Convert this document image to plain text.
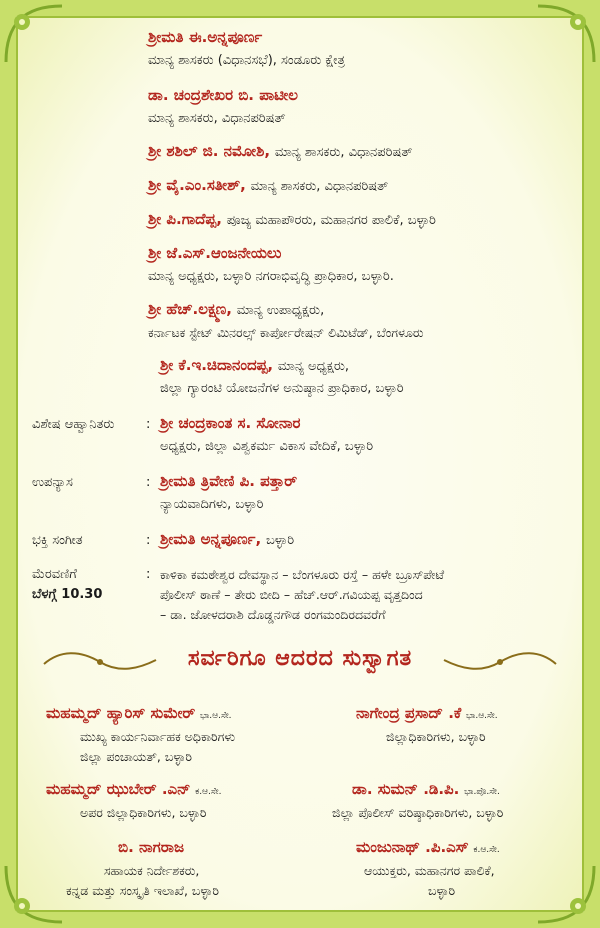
ಶ್ರೀಮತಿ ಈ.ಅನ್ನಪೂರ್ಣ
ಮಾನ್ಯ ಶಾಸಕರು (ವಿಧಾನಸಭೆ), ಸಂಡೂರು ಕ್ಷೇತ್ರ
ಡಾ. ಚಂದ್ರಶೇಖರ ಬಿ. ಪಾಟೀಲ
ಮಾನ್ಯ ಶಾಸಕರು, ವಿಧಾನಪರಿಷತ್
ಶ್ರೀ ಶಶಿಲ್ ಜಿ. ನಮೋಶಿ, ಮಾನ್ಯ ಶಾಸಕರು, ವಿಧಾನಪರಿಷತ್
ಶ್ರೀ ವೈ.ಎಂ.ಸತೀಶ್, ಮಾನ್ಯ ಶಾಸಕರು, ವಿಧಾನಪರಿಷತ್
ಶ್ರೀ ಪಿ.ಗಾದೆಪ್ಪ, ಪೂಜ್ಯ ಮಹಾಪೌರರು, ಮಹಾನಗರ ಪಾಲಿಕೆ, ಬಳ್ಳಾರಿ
ಶ್ರೀ ಜೆ.ಎಸ್.ಆಂಜನೇಯಲು
ಮಾನ್ಯ ಅಧ್ಯಕ್ಷರು, ಬಳ್ಳಾರಿ ನಗರಾಭಿವೃದ್ಧಿ ಪ್ರಾಧಿಕಾರ, ಬಳ್ಳಾರಿ.
ಶ್ರೀ ಹೆಚ್.ಲಕ್ಷ್ಮಣ, ಮಾನ್ಯ ಉಪಾಧ್ಯಕ್ಷರು,
ಕರ್ನಾಟಕ ಸ್ಟೇಟ್ ಮಿನರಲ್ಸ್ ಕಾರ್ಪೋರೇಷನ್ ಲಿಮಿಟೆಡ್, ಬೆಂಗಳೂರು
ಶ್ರೀ ಕೆ.ಇ.ಚಿದಾನಂದಪ್ಪ, ಮಾನ್ಯ ಅಧ್ಯಕ್ಷರು,
ಜಿಲ್ಲಾ ಗ್ಯಾರಂಟಿ ಯೋಜನೆಗಳ ಅನುಷ್ಠಾನ ಪ್ರಾಧಿಕಾರ, ಬಳ್ಳಾರಿ
ವಿಶೇಷ ಆಹ್ವಾನಿತರು : ಶ್ರೀ ಚಂದ್ರಕಾಂತ ಸ. ಸೋನಾರ
ಅಧ್ಯಕ್ಷರು, ಜಿಲ್ಲಾ ವಿಶ್ವಕರ್ಮ ವಿಕಾಸ ವೇದಿಕೆ, ಬಳ್ಳಾರಿ
ಉಪನ್ಯಾಸ	: ಶ್ರೀಮತಿ ತ್ರಿವೇಣಿ ಪಿ. ಪತ್ತಾರ್
ನ್ಯಾಯವಾದಿಗಳು, ಬಳ್ಳಾರಿ
ಭಕ್ತಿ ಸಂಗೀತ	: ಶ್ರೀಮತಿ ಅನ್ನಪೂರ್ಣ, ಬಳ್ಳಾರಿ
ಮೆರವಣಿಗೆ
ಬೆಳಗ್ಗೆ 10.30
: ಕಾಳಿಕಾ ಕಮಠೇಶ್ವರ ದೇವಸ್ಥಾನ – ಬೆಂಗಳೂರು ರಸ್ತೆ – ಹಳೇ ಬ್ರೂಸ್‌ಪೇಟೆ
ಪೊಲೀಸ್ ಠಾಣೆ – ತೇರು ಬೀದಿ – ಹೆಚ್.ಆರ್.ಗವಿಯಪ್ಪ ವೃತ್ತದಿಂದ
– ಡಾ. ಜೋಳದರಾಶಿ ದೊಡ್ಡನಗೌಡ ರಂಗಮಂದಿರದವರೆಗೆ
ಸರ್ವರಿಗೂ ಆದರದ ಸುಸ್ವಾಗತ
ಮಹಮ್ಮದ್ ಹ್ಯಾರಿಸ್ ಸುಮೇರ್ ಭಾ.ಆ.ಸೇ.
ಮುಖ್ಯ ಕಾರ್ಯನಿರ್ವಾಹಕ ಅಧಿಕಾರಿಗಳು
ಜಿಲ್ಲಾ ಪಂಚಾಯತ್, ಬಳ್ಳಾರಿ
ಮಹಮ್ಮದ್ ಝುಬೇರ್ .ಎನ್ ಕ.ಆ.ಸೇ.
ಅಪರ ಜಿಲ್ಲಾಧಿಕಾರಿಗಳು, ಬಳ್ಳಾರಿ
ಬಿ. ನಾಗರಾಜ
ಸಹಾಯಕ ನಿರ್ದೇಶಕರು,
ಕನ್ನಡ ಮತ್ತು ಸಂಸ್ಕೃತಿ ಇಲಾಖೆ, ಬಳ್ಳಾರಿ
ನಾಗೇಂದ್ರ ಪ್ರಸಾದ್ .ಕೆ ಭಾ.ಆ.ಸೇ.
ಜಿಲ್ಲಾಧಿಕಾರಿಗಳು, ಬಳ್ಳಾರಿ
ಡಾ. ಸುಮನ್ .ಡಿ.ಪಿ. ಭಾ.ಪೊ.ಸೇ.
ಜಿಲ್ಲಾ ಪೊಲೀಸ್ ವರಿಷ್ಠಾಧಿಕಾರಿಗಳು, ಬಳ್ಳಾರಿ
ಮಂಜುನಾಥ್ .ಪಿ.ಎಸ್ ಕ.ಆ.ಸೇ.
ಆಯುಕ್ತರು, ಮಹಾನಗರ ಪಾಲಿಕೆ,
ಬಳ್ಳಾರಿ
